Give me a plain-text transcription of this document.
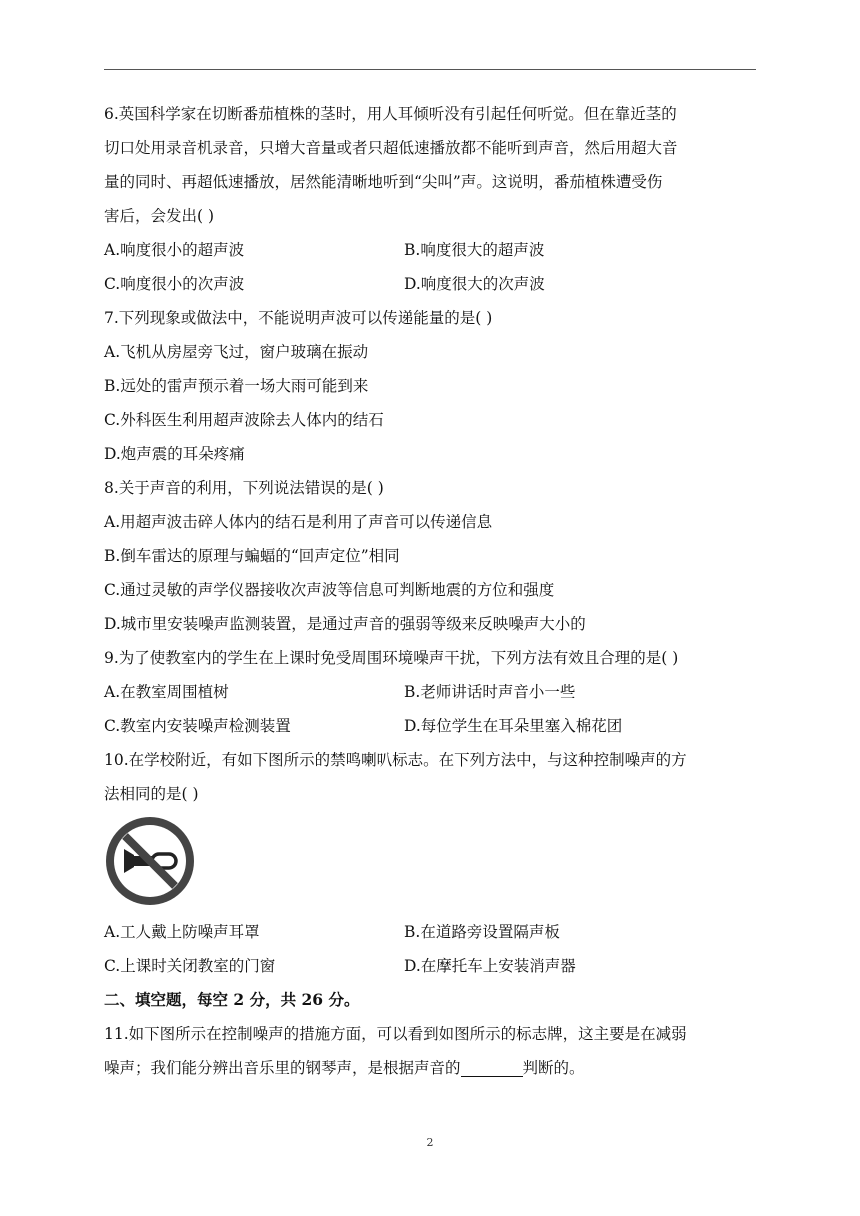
6.英国科学家在切断番茄植株的茎时，用人耳倾听没有引起任何听觉。但在靠近茎的
切口处用录音机录音，只增大音量或者只超低速播放都不能听到声音，然后用超大音
量的同时、再超低速播放，居然能清晰地听到“尖叫”声。这说明，番茄植株遭受伤
害后，会发出( )
A.响度很小的超声波	B.响度很大的超声波
C.响度很小的次声波	D.响度很大的次声波
7.下列现象或做法中，不能说明声波可以传递能量的是( )
A.飞机从房屋旁飞过，窗户玻璃在振动
B.远处的雷声预示着一场大雨可能到来
C.外科医生利用超声波除去人体内的结石
D.炮声震的耳朵疼痛
8.关于声音的利用，下列说法错误的是( )
A.用超声波击碎人体内的结石是利用了声音可以传递信息
B.倒车雷达的原理与蝙蝠的“回声定位”相同
C.通过灵敏的声学仪器接收次声波等信息可判断地震的方位和强度
D.城市里安装噪声监测装置，是通过声音的强弱等级来反映噪声大小的
9.为了使教室内的学生在上课时免受周围环境噪声干扰，下列方法有效且合理的是( )
A.在教室周围植树	B.老师讲话时声音小一些
C.教室内安装噪声检测装置	D.每位学生在耳朵里塞入棉花团
10.在学校附近，有如下图所示的禁鸣喇叭标志。在下列方法中，与这种控制噪声的方
法相同的是( )
A.工人戴上防噪声耳罩	B.在道路旁设置隔声板
C.上课时关闭教室的门窗	D.在摩托车上安装消声器
二、填空题，每空 2 分，共 26 分。
11.如下图所示在控制噪声的措施方面，可以看到如图所示的标志牌，这主要是在减弱
噪声；我们能分辨出音乐里的钢琴声，是根据声音的	判断的。
2
